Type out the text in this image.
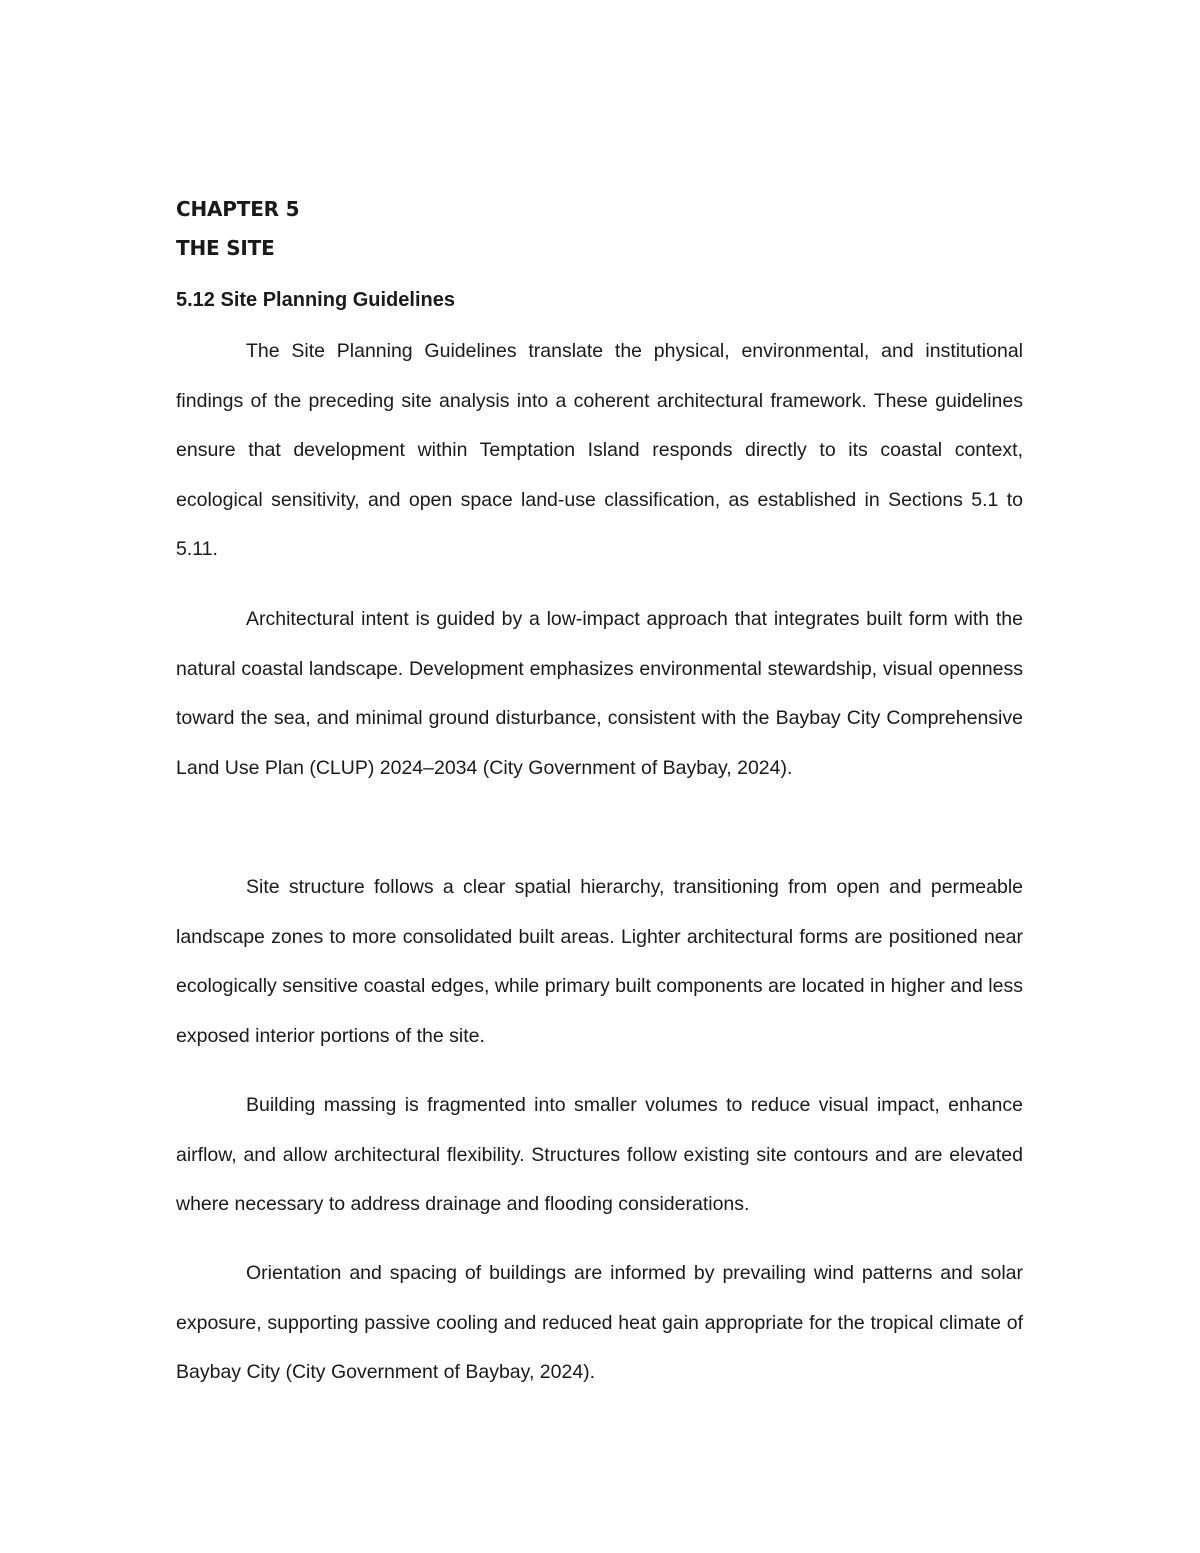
CHAPTER 5
THE SITE
5.12 Site Planning Guidelines

The Site Planning Guidelines translate the physical, environmental, and institutional findings of the preceding site analysis into a coherent architectural framework. These guidelines ensure that development within Temptation Island responds directly to its coastal context, ecological sensitivity, and open space land-use classification, as established in Sections 5.1 to 5.11.

Architectural intent is guided by a low-impact approach that integrates built form with the natural coastal landscape. Development emphasizes environmental stewardship, visual openness toward the sea, and minimal ground disturbance, consistent with the Baybay City Comprehensive Land Use Plan (CLUP) 2024–2034 (City Government of Baybay, 2024).

Site structure follows a clear spatial hierarchy, transitioning from open and permeable landscape zones to more consolidated built areas. Lighter architectural forms are positioned near ecologically sensitive coastal edges, while primary built components are located in higher and less exposed interior portions of the site.

Building massing is fragmented into smaller volumes to reduce visual impact, enhance airflow, and allow architectural flexibility. Structures follow existing site contours and are elevated where necessary to address drainage and flooding considerations.

Orientation and spacing of buildings are informed by prevailing wind patterns and solar exposure, supporting passive cooling and reduced heat gain appropriate for the tropical climate of Baybay City (City Government of Baybay, 2024).
